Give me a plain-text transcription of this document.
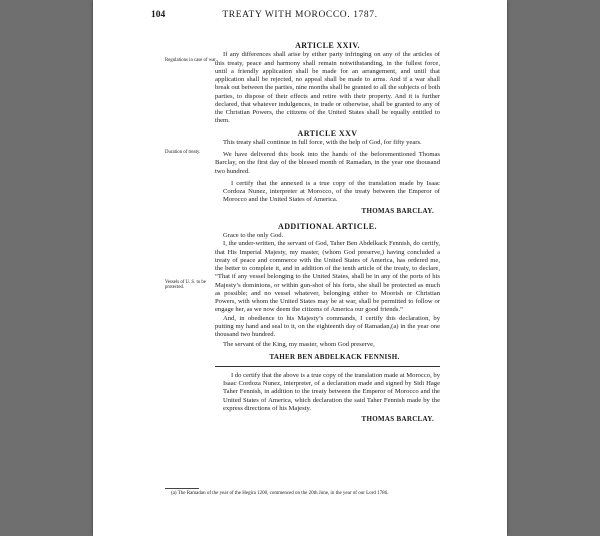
104	TREATY WITH MOROCCO. 1787.
Regulations in case of war.
Duration of treaty.
Vessels of U. S. to be protected.
ARTICLE XXIV.

If any differences shall arise by either party infringing on any of the articles of this treaty, peace and harmony shall remain notwithstanding, in the fullest force, until a friendly application shall be made for an arrangement, and until that application shall be rejected, no appeal shall be made to arms. And if a war shall break out between the parties, nine months shall be granted to all the subjects of both parties, to dispose of their effects and retire with their property. And it is further declared, that whatever indulgences, in trade or otherwise, shall be granted to any of the Christian Powers, the citizens of the United States shall be equally entitled to them.

ARTICLE XXV

This treaty shall continue in full force, with the help of God, for fifty years.

We have delivered this book into the hands of the beforementioned Thomas Barclay, on the first day of the blessed month of Ramadan, in the year one thousand two hundred.

I certify that the annexed is a true copy of the translation made by Isaac Cordoza Nunez, interpreter at Morocco, of the treaty between the Emperor of Morocco and the United States of America.

THOMAS BARCLAY.
ADDITIONAL ARTICLE.

Grace to the only God.

I, the under-written, the servant of God, Taher Ben Abdelkack Fennish, do certify, that His Imperial Majesty, my master, (whom God preserve,) having concluded a treaty of peace and commerce with the United States of America, has ordered me, the better to complete it, and in addition of the tenth article of the treaty, to declare, “That if any vessel belonging to the United States, shall be in any of the ports of his Majesty’s dominions, or within gun-shot of his forts, she shall be protected as much as possible; and no vessel whatever, belonging either to Moorish or Christian Powers, with whom the United States may be at war, shall be permitted to follow or engage her, as we now deem the citizens of America our good friends.”

And, in obedience to his Majesty’s commands, I certify this declaration, by putting my hand and seal to it, on the eighteenth day of Ramadan,(a) in the year one thousand two hundred.

The servant of the King, my master, whom God preserve,

TAHER BEN ABDELKACK FENNISH.

I do certify that the above is a true copy of the translation made at Morocco, by Isaac Cordoza Nunez, interpreter, of a declaration made and signed by Sidi Hage Taher Fennish, in addition to the treaty between the Emperor of Morocco and the United States of America, which declaration the said Taher Fennish made by the express directions of his Majesty.

THOMAS BARCLAY.
(a) The Ramadan of the year of the Hegira 1200, commenced on the 20th June, in the year of our Lord 1786.
